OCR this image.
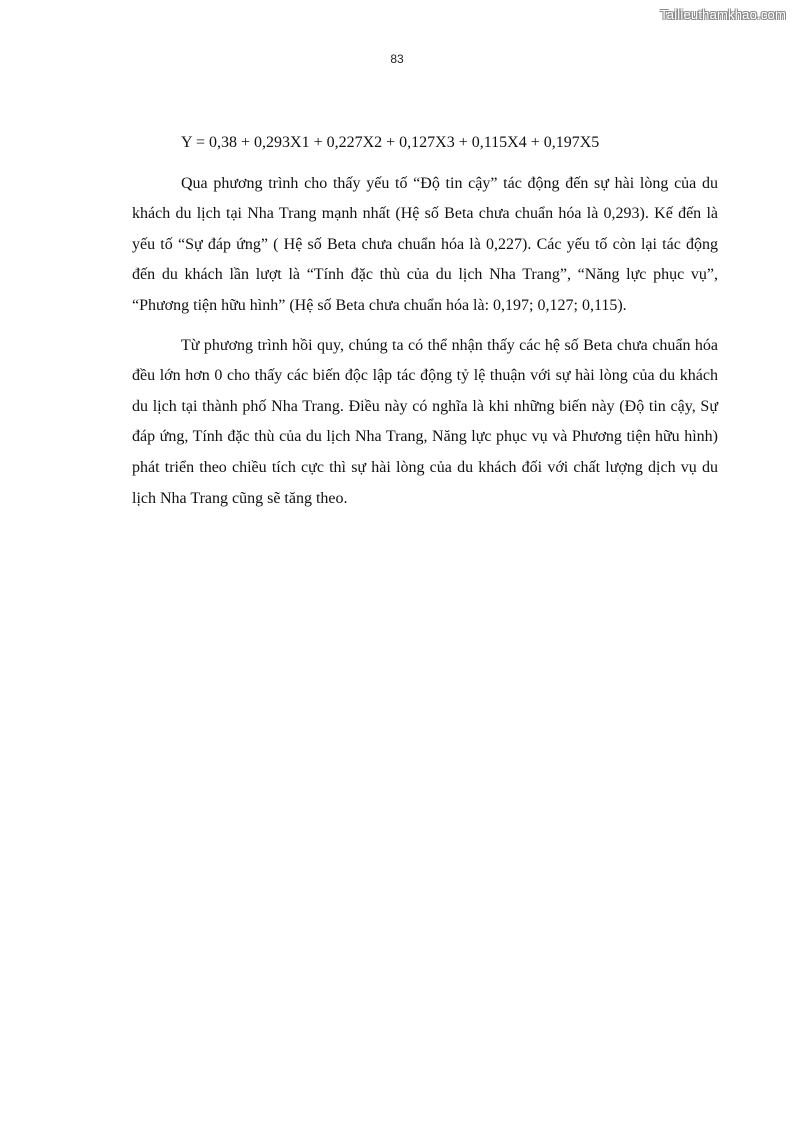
Tailieuthamkhao.com
83

Y = 0,38 + 0,293X1 + 0,227X2 + 0,127X3 + 0,115X4 + 0,197X5

Qua phương trình cho thấy yếu tố “Độ tin cậy” tác động đến sự hài lòng của du khách du lịch tại Nha Trang mạnh nhất (Hệ số Beta chưa chuẩn hóa là 0,293). Kế đến là yếu tố “Sự đáp ứng” ( Hệ số Beta chưa chuẩn hóa là 0,227). Các yếu tố còn lại tác động đến du khách lần lượt là “Tính đặc thù của du lịch Nha Trang”, “Năng lực phục vụ”, “Phương tiện hữu hình” (Hệ số Beta chưa chuẩn hóa là: 0,197; 0,127; 0,115).

Từ phương trình hồi quy, chúng ta có thể nhận thấy các hệ số Beta chưa chuẩn hóa đều lớn hơn 0 cho thấy các biến độc lập tác động tỷ lệ thuận với sự hài lòng của du khách du lịch tại thành phố Nha Trang. Điều này có nghĩa là khi những biến này (Độ tin cậy, Sự đáp ứng, Tính đặc thù của du lịch Nha Trang, Năng lực phục vụ và Phương tiện hữu hình) phát triển theo chiều tích cực thì sự hài lòng của du khách đối với chất lượng dịch vụ du lịch Nha Trang cũng sẽ tăng theo.
